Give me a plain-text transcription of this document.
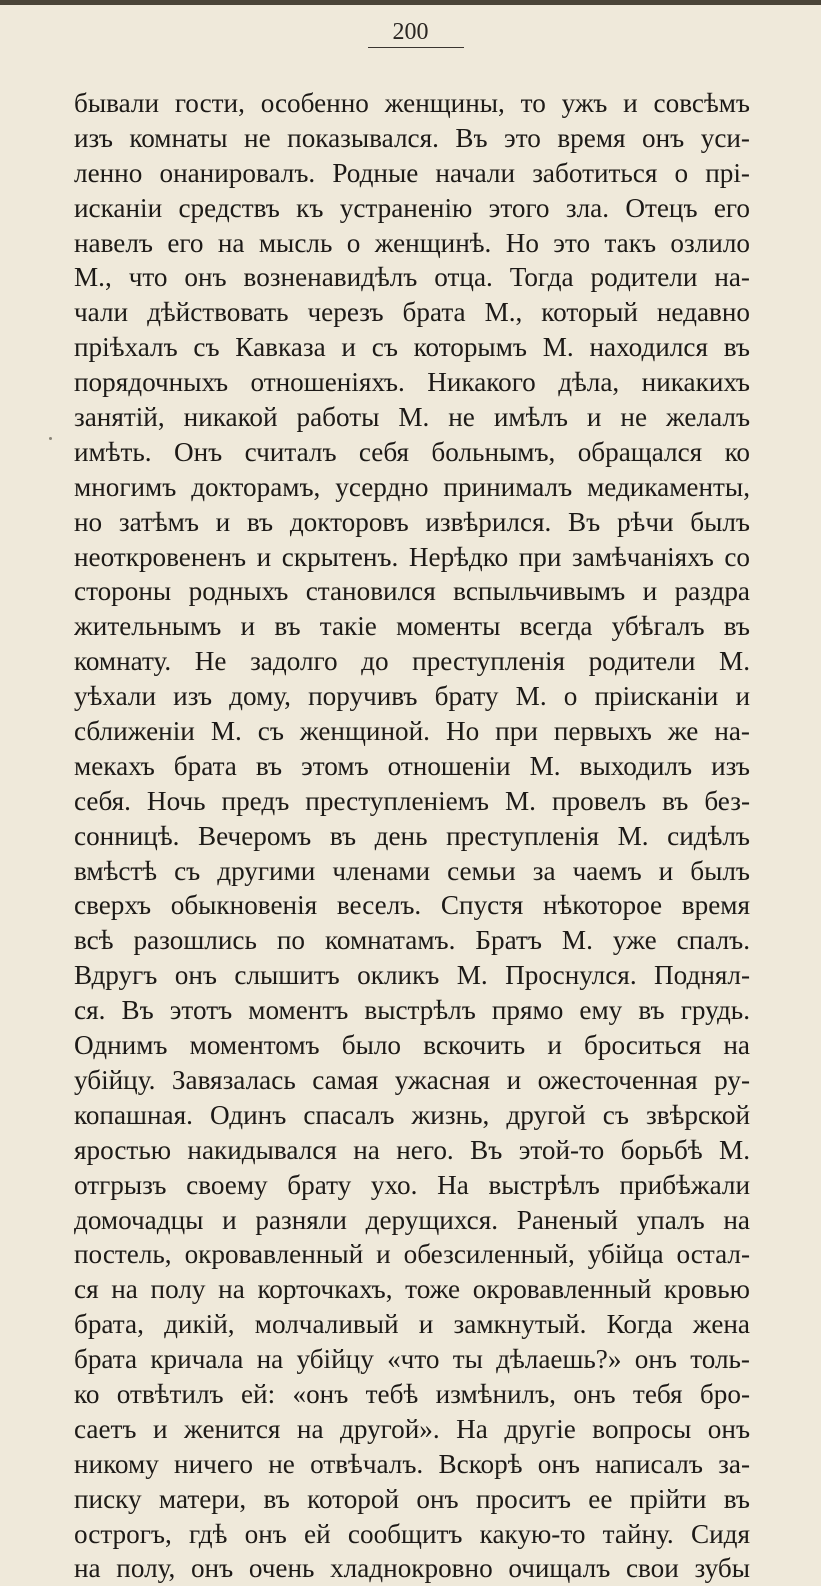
200
бывали гости, особенно женщины, то ужъ и совсѣмъ
изъ комнаты не показывался. Въ это время онъ уси-
ленно онанировалъ. Родные начали заботиться о прі-
исканіи средствъ къ устраненію этого зла. Отецъ его
навелъ его на мысль о женщинѣ. Но это такъ озлило
М., что онъ возненавидѣлъ отца. Тогда родители на-
чали дѣйствовать черезъ брата М., который недавно
пріѣхалъ съ Кавказа и съ которымъ М. находился въ
порядочныхъ отношеніяхъ. Никакого дѣла, никакихъ
занятій, никакой работы М. не имѣлъ и не желалъ
имѣть. Онъ считалъ себя больнымъ, обращался ко
многимъ докторамъ, усердно принималъ медикаменты,
но затѣмъ и въ докторовъ извѣрился. Въ рѣчи былъ
неоткровененъ и скрытенъ. Нерѣдко при замѣчаніяхъ со
стороны родныхъ становился вспыльчивымъ и раздра
жительнымъ и въ такіе моменты всегда убѣгалъ въ
комнату. Не задолго до преступленія родители М.
уѣхали изъ дому, поручивъ брату М. о пріисканіи и
сближеніи М. съ женщиной. Но при первыхъ же на-
мекахъ брата въ этомъ отношеніи М. выходилъ изъ
себя. Ночь предъ преступленіемъ М. провелъ въ без-
сонницѣ. Вечеромъ въ день преступленія М. сидѣлъ
вмѣстѣ съ другими членами семьи за чаемъ и былъ
сверхъ обыкновенія веселъ. Спустя нѣкоторое время
всѣ разошлись по комнатамъ. Братъ М. уже спалъ.
Вдругъ онъ слышитъ окликъ М. Проснулся. Поднял-
ся. Въ этотъ моментъ выстрѣлъ прямо ему въ грудь.
Однимъ моментомъ было вскочить и броситься на
убійцу. Завязалась самая ужасная и ожесточенная ру-
копашная. Одинъ спасалъ жизнь, другой съ звѣрской
яростью накидывался на него. Въ этой-то борьбѣ М.
отгрызъ своему брату ухо. На выстрѣлъ прибѣжали
домочадцы и разняли дерущихся. Раненый упалъ на
постель, окровавленный и обезсиленный, убійца остал-
ся на полу на корточкахъ, тоже окровавленный кровью
брата, дикій, молчаливый и замкнутый. Когда жена
брата кричала на убійцу «что ты дѣлаешь?» онъ толь-
ко отвѣтилъ ей: «онъ тебѣ измѣнилъ, онъ тебя бро-
саетъ и женится на другой». На другіе вопросы онъ
никому ничего не отвѣчалъ. Вскорѣ онъ написалъ за-
писку матери, въ которой онъ проситъ ее прійти въ
острогъ, гдѣ онъ ей сообщитъ какую-то тайну. Сидя
на полу, онъ очень хладнокровно очищалъ свои зубы
